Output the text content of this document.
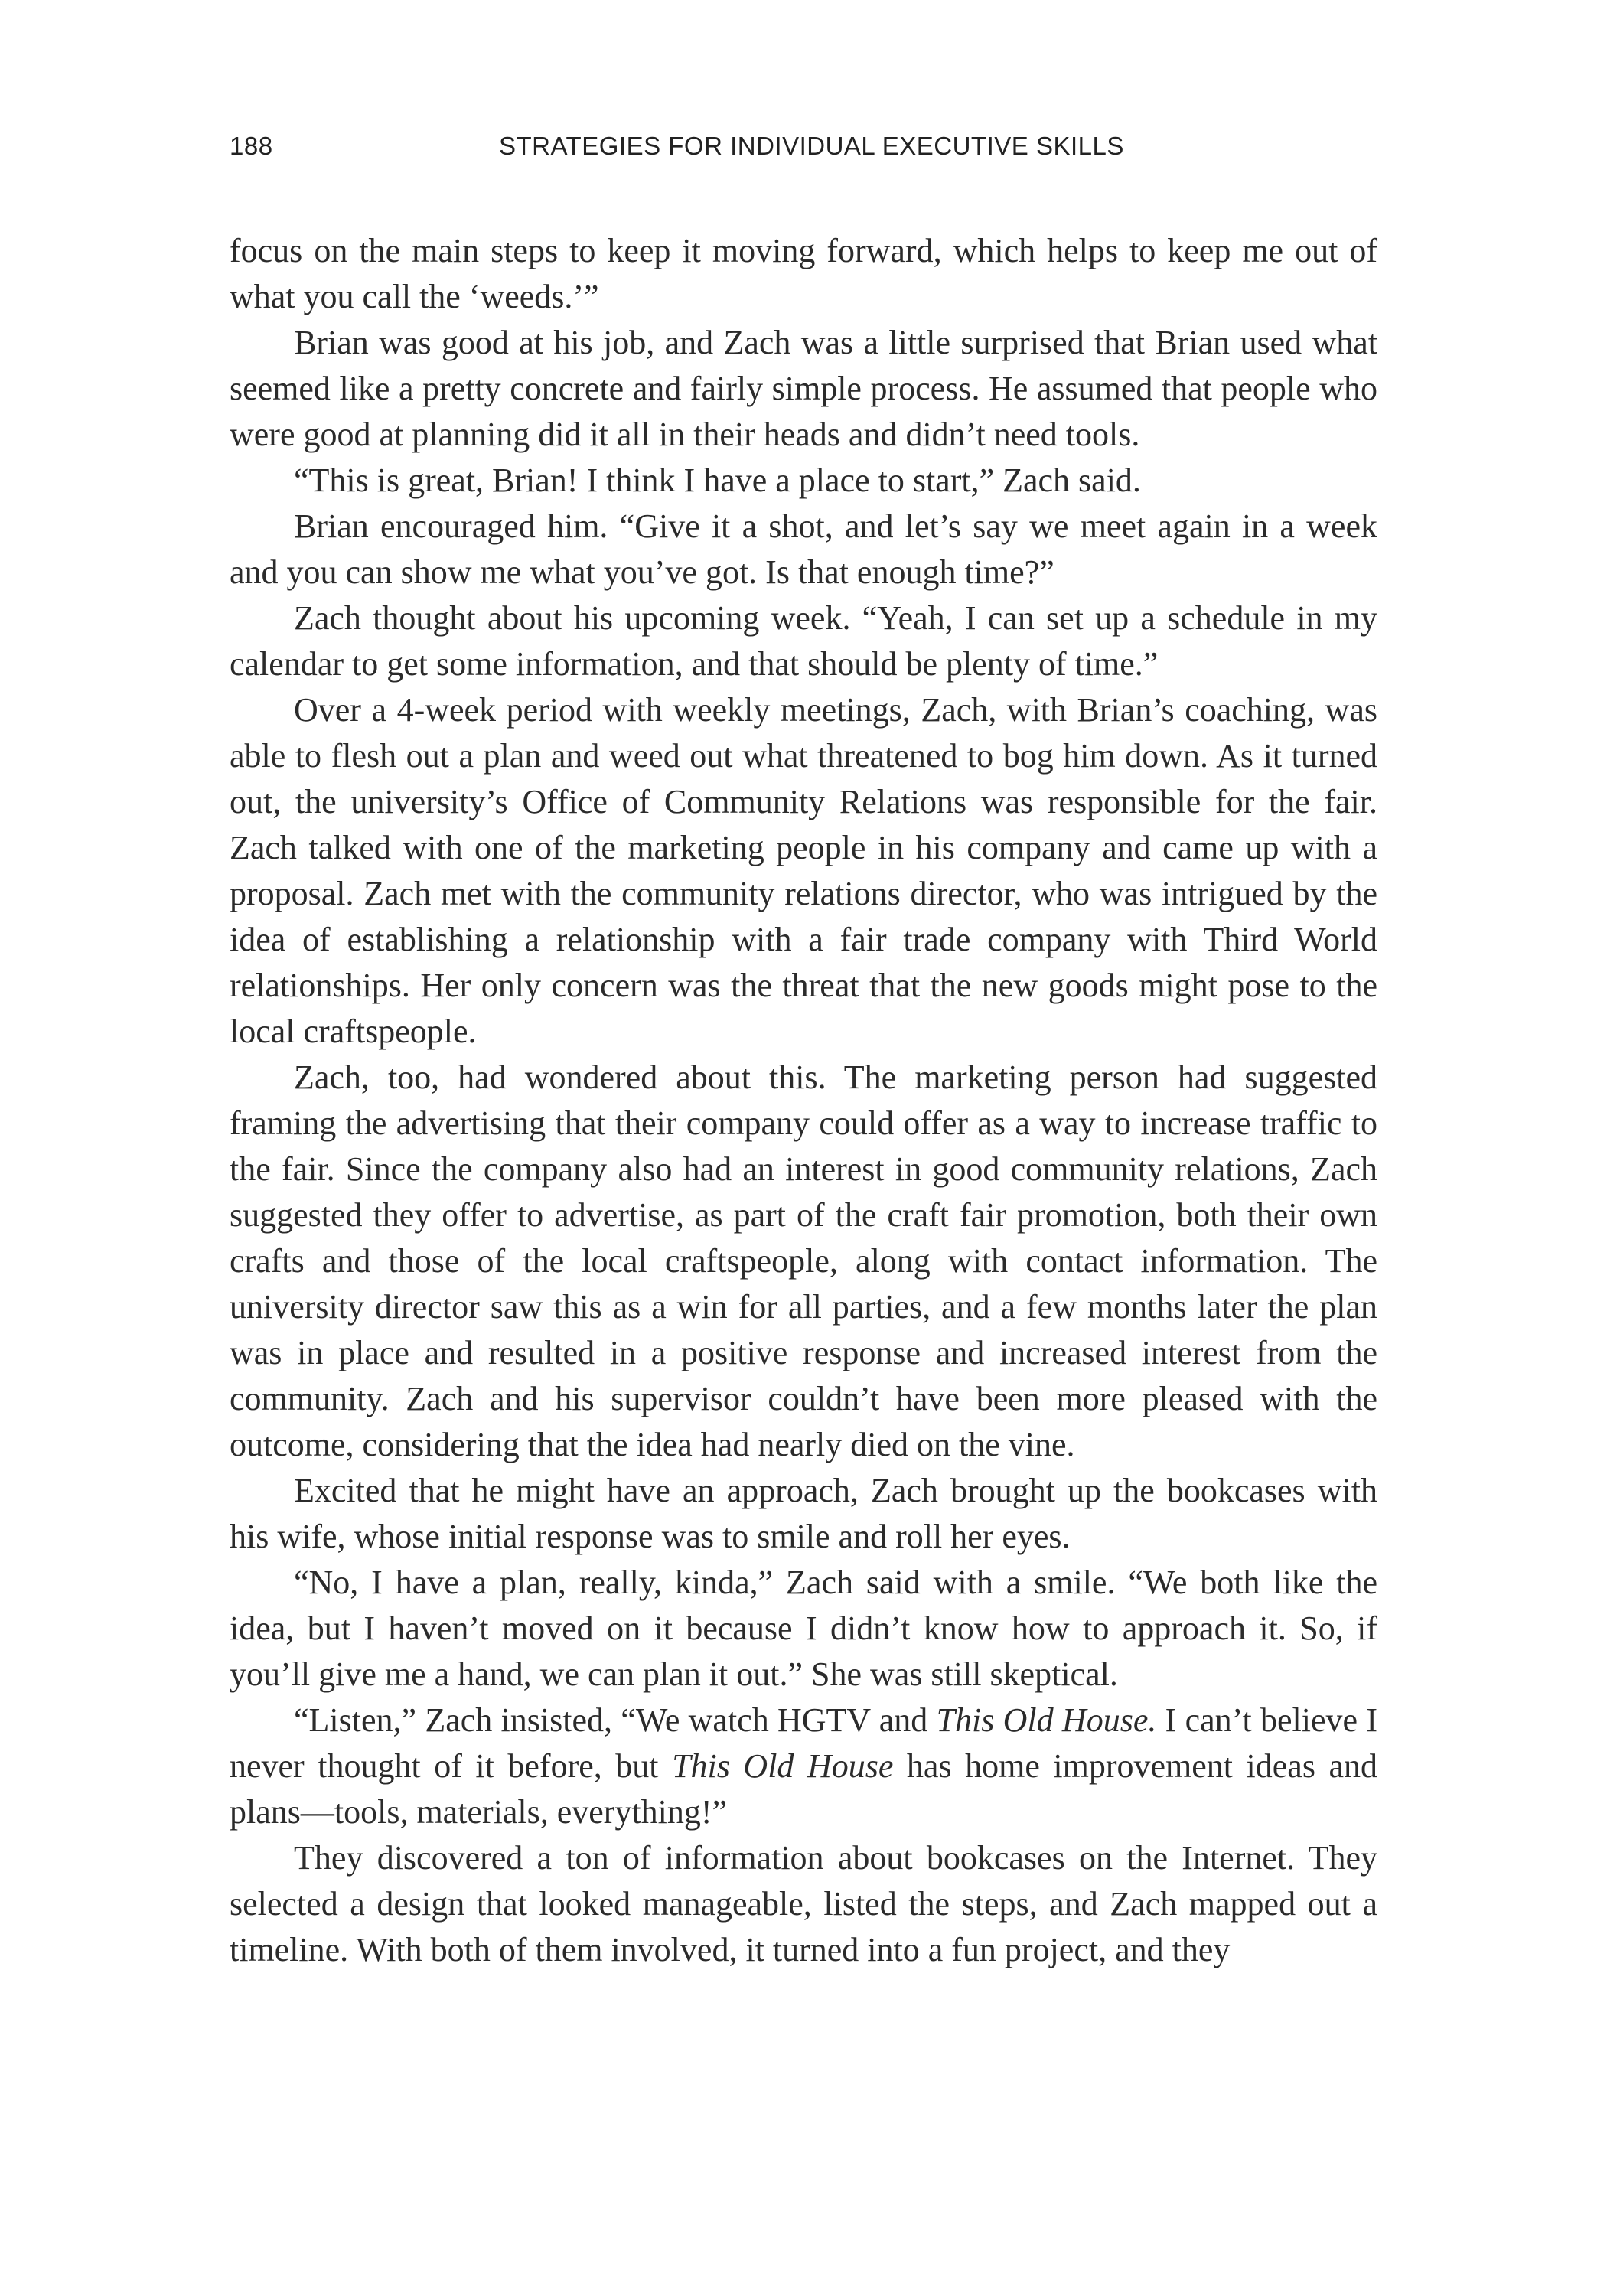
188	STRATEGIES FOR INDIVIDUAL EXECUTIVE SKILLS

focus on the main steps to keep it moving forward, which helps to keep me out of what you call the ‘weeds.’”

Brian was good at his job, and Zach was a little surprised that Brian used what seemed like a pretty concrete and fairly simple process. He assumed that people who were good at planning did it all in their heads and didn’t need tools.

“This is great, Brian! I think I have a place to start,” Zach said.

Brian encouraged him. “Give it a shot, and let’s say we meet again in a week and you can show me what you’ve got. Is that enough time?”

Zach thought about his upcoming week. “Yeah, I can set up a schedule in my calendar to get some information, and that should be plenty of time.”

Over a 4-week period with weekly meetings, Zach, with Brian’s coaching, was able to flesh out a plan and weed out what threatened to bog him down. As it turned out, the university’s Office of Community Relations was responsible for the fair. Zach talked with one of the marketing people in his company and came up with a proposal. Zach met with the community relations director, who was intrigued by the idea of establishing a relationship with a fair trade company with Third World relationships. Her only concern was the threat that the new goods might pose to the local craftspeople.

Zach, too, had wondered about this. The marketing person had suggested framing the advertising that their company could offer as a way to increase traffic to the fair. Since the company also had an interest in good community relations, Zach suggested they offer to advertise, as part of the craft fair promotion, both their own crafts and those of the local craftspeople, along with contact information. The university director saw this as a win for all parties, and a few months later the plan was in place and resulted in a positive response and increased interest from the community. Zach and his supervisor couldn’t have been more pleased with the outcome, considering that the idea had nearly died on the vine.

Excited that he might have an approach, Zach brought up the bookcases with his wife, whose initial response was to smile and roll her eyes.

“No, I have a plan, really, kinda,” Zach said with a smile. “We both like the idea, but I haven’t moved on it because I didn’t know how to approach it. So, if you’ll give me a hand, we can plan it out.” She was still skeptical.

“Listen,” Zach insisted, “We watch HGTV and This Old House. I can’t believe I never thought of it before, but This Old House has home improvement ideas and plans—tools, materials, everything!”

They discovered a ton of information about bookcases on the Internet. They selected a design that looked manageable, listed the steps, and Zach mapped out a timeline. With both of them involved, it turned into a fun project, and they
